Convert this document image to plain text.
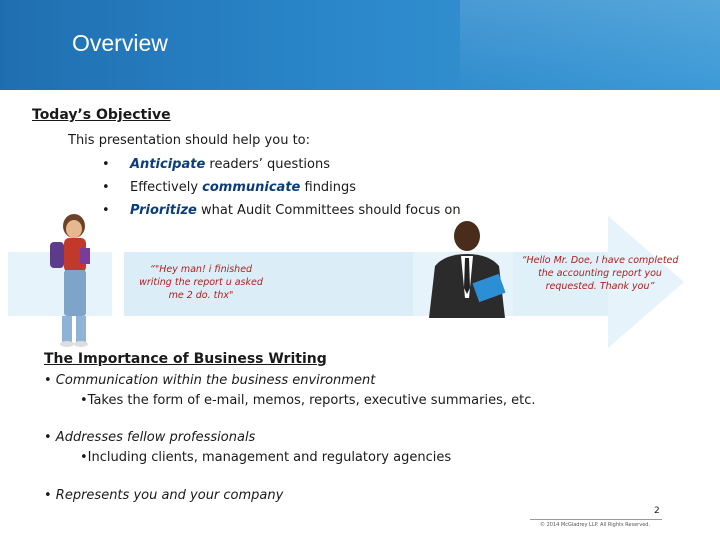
Overview
Today’s Objective
This presentation should help you to:
• Anticipate readers’ questions
• Effectively communicate findings
• Prioritize what Audit Committees should focus on
“"Hey man! i finished writing the report u asked me 2 do. thx"
“Hello Mr. Doe, I have completed the accounting report you requested. Thank you”
The Importance of Business Writing
• Communication within the business environment
•Takes the form of e-mail, memos, reports, executive summaries, etc.
• Addresses fellow professionals
•Including clients, management and regulatory agencies
• Represents you and your company
2
© 2014 McGladrey LLP. All Rights Reserved.
